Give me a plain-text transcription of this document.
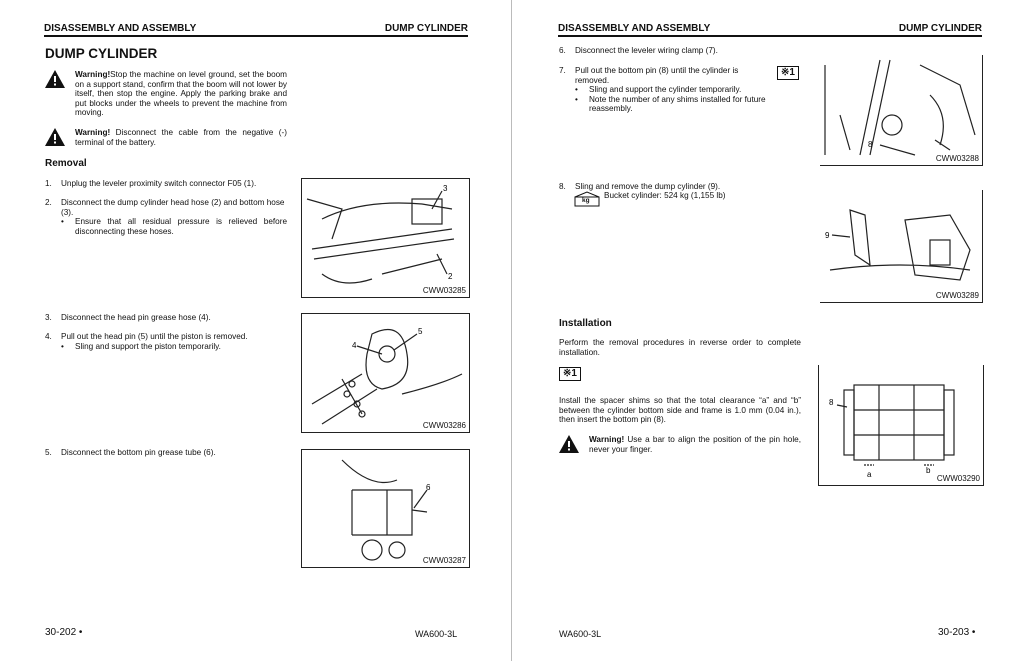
DISASSEMBLY AND ASSEMBLY	DUMP CYLINDER
DUMP CYLINDER
Warning!Stop the machine on level ground, set the boom on a support stand, confirm that the boom will not lower by itself, then stop the engine. Apply the parking brake and put blocks under the wheels to prevent the machine from moving.
Warning! Disconnect the cable from the negative (-) terminal of the battery.
Removal
1.	Unplug the leveler proximity switch connector F05 (1).
2.	Disconnect the dump cylinder head hose (2) and bottom hose (3).
•	Ensure that all residual pressure is relieved before disconnecting these hoses.
3.	Disconnect the head pin grease hose (4).
4.	Pull out the head pin (5) until the piston is removed.
•	Sling and support the piston temporarily.
5.	Disconnect the bottom pin grease tube (6).
3
2
CWW03285
5
4
CWW03286
6
CWW03287
30-202 •	WA600-3L
DISASSEMBLY AND ASSEMBLY	DUMP CYLINDER
6.	Disconnect the leveler wiring clamp (7).
7.	Pull out the bottom pin (8) until the cylinder is removed.
•	Sling and support the cylinder temporarily.
•	Note the number of any shims installed for future reassembly.
※1
8.	Sling and remove the dump cylinder (9).
kg
Bucket cylinder: 524 kg (1,155 lb)
Installation
Perform the removal procedures in reverse order to complete installation.
※1
Install the spacer shims so that the total clearance “a” and “b” between the cylinder bottom side and frame is 1.0 mm (0.04 in.), then insert the bottom pin (8).
Warning! Use a bar to align the position of the pin hole, never your finger.
8
CWW03288
9
CWW03289
8
a	b
CWW03290
WA600-3L	30-203 •
